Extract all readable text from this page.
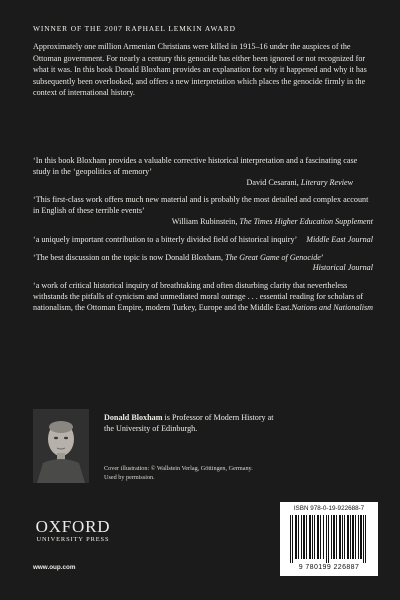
WINNER OF THE 2007 RAPHAEL LEMKIN AWARD

Approximately one million Armenian Christians were killed in 1915–16 under the auspices of the Ottoman government. For nearly a century this genocide has either been ignored or not recognized for what it was. In this book Donald Bloxham provides an explanation for why it happened and why it has subsequently been overlooked, and offers a new interpretation which places the genocide firmly in the context of international history.

‘In this book Bloxham provides a valuable corrective historical interpretation and a fascinating case study in the ‘geopolitics of memory’

David Cesarani, Literary Review

‘This first-class work offers much new material and is probably the most detailed and complex account in English of these terrible events’

William Rubinstein, The Times Higher Education Supplement

‘a uniquely important contribution to a bitterly divided field of historical inquiry’ Middle East Journal

‘The best discussion on the topic is now Donald Bloxham, The Great Game of Genocide’

Historical Journal

‘a work of critical historical inquiry of breathtaking and often disturbing clarity that nevertheless withstands the pitfalls of cynicism and unmediated moral outrage . . . essential reading for scholars of nationalism, the Ottoman Empire, modern Turkey, Europe and the Middle East.’

Nations and Nationalism

Donald Bloxham is Professor of Modern History at the University of Edinburgh.

Cover illustration: © Wallstein Verlag, Göttingen, Germany. Used by permission.

OXFORD
UNIVERSITY PRESS
www.oup.com
ISBN 978-0-19-922688-7
9 780199 226887
